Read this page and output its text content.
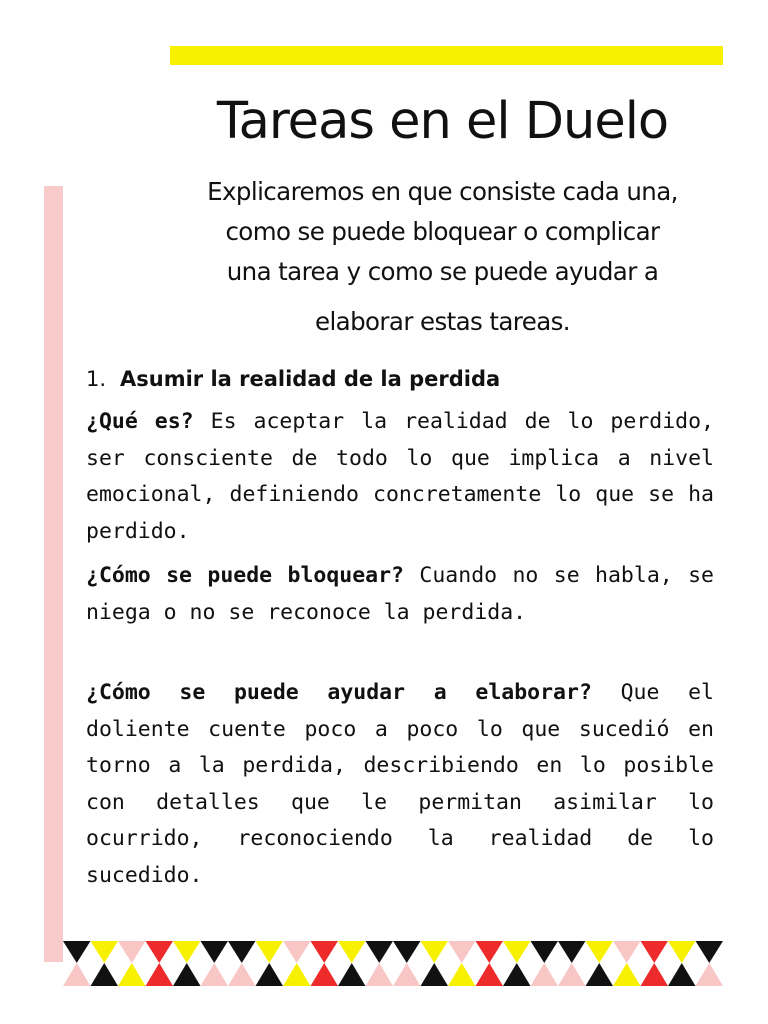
Tareas en el Duelo
Explicaremos en que consiste cada una,
como se puede bloquear o complicar
una tarea y como se puede ayudar a
elaborar estas tareas.
1. Asumir la realidad de la perdida

¿Qué es? Es aceptar la realidad de lo perdido, ser consciente de todo lo que implica a nivel emocional, definiendo concretamente lo que se ha perdido.

¿Cómo se puede bloquear? Cuando no se habla, se niega o no se reconoce la perdida.

¿Cómo se puede ayudar a elaborar? Que el doliente cuente poco a poco lo que sucedió en torno a la perdida, describiendo en lo posible con detalles que le permitan asimilar lo ocurrido, reconociendo la realidad de lo sucedido.
